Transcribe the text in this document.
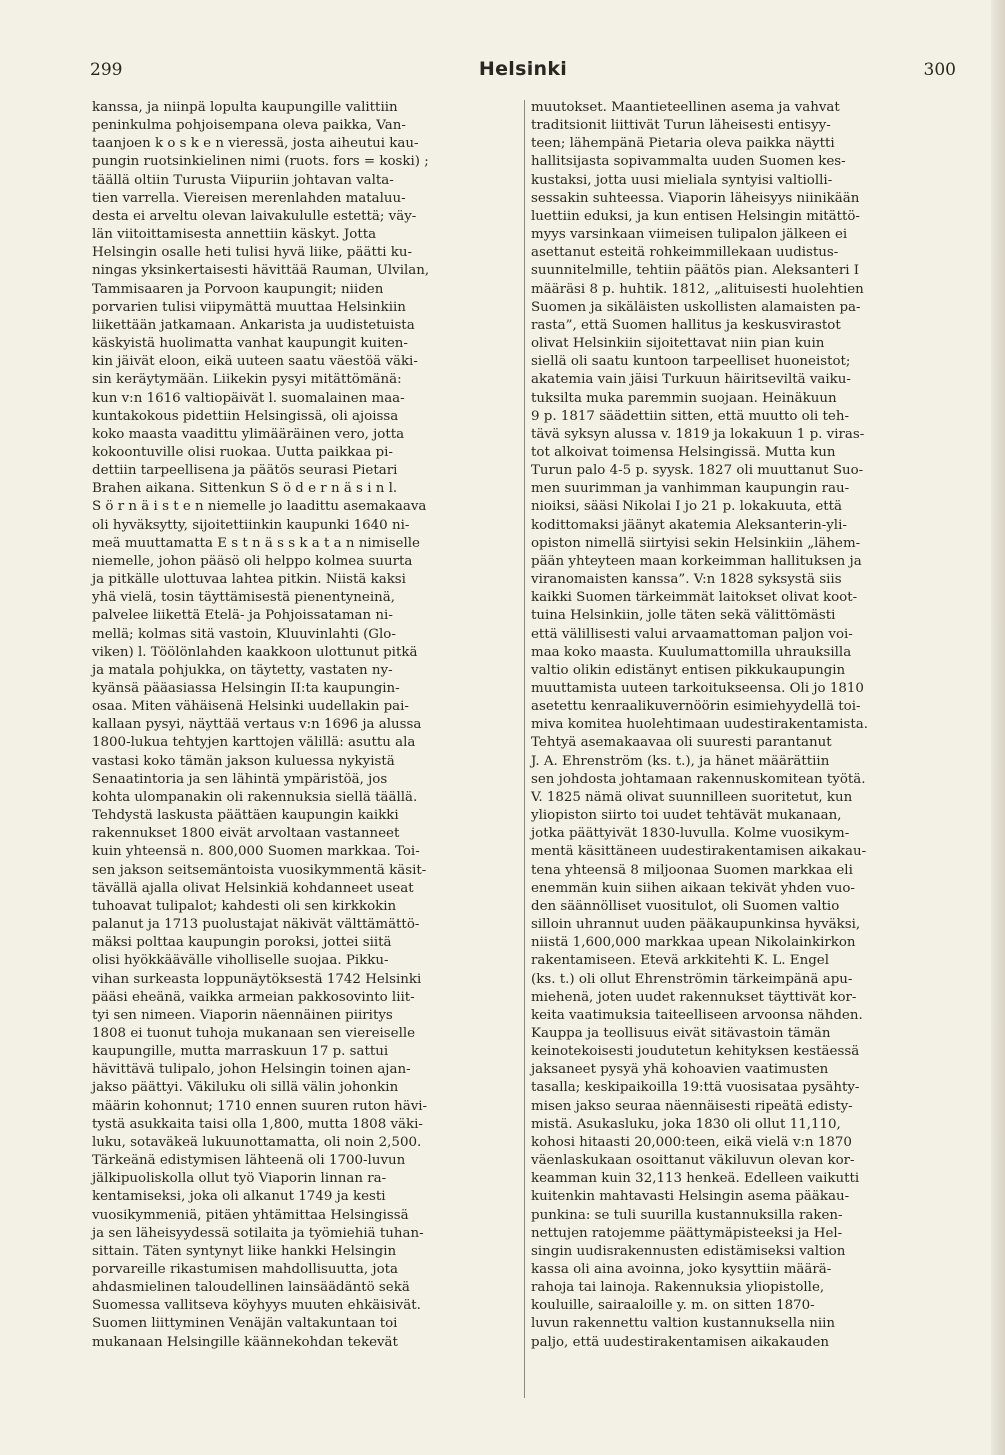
299	Helsinki	300
kanssa, ja niinpä lopulta kaupungille valittiin
peninkulma pohjoisempana oleva paikka, Van-
taanjoen k o s k e n vieressä, josta aiheutui kau-
pungin ruotsinkielinen nimi (ruots. fors = koski) ;
täällä oltiin Turusta Viipuriin johtavan valta-
tien varrella. Viereisen merenlahden mataluu-
desta ei arveltu olevan laivakululle estettä; väy-
län viitoittamisesta annettiin käskyt. Jotta
Helsingin osalle heti tulisi hyvä liike, päätti ku-
ningas yksinkertaisesti hävittää Rauman, Ulvilan,
Tammisaaren ja Porvoon kaupungit; niiden
porvarien tulisi viipymättä muuttaa Helsinkiin
liikettään jatkamaan. Ankarista ja uudistetuista
käskyistä huolimatta vanhat kaupungit kuiten-
kin jäivät eloon, eikä uuteen saatu väestöä väki-
sin keräytymään. Liikekin pysyi mitättömänä:
kun v:n 1616 valtiopäivät l. suomalainen maa-
kuntakokous pidettiin Helsingissä, oli ajoissa
koko maasta vaadittu ylimääräinen vero, jotta
kokoontuville olisi ruokaa. Uutta paikkaa pi-
dettiin tarpeellisena ja päätös seurasi Pietari
Brahen aikana. Sittenkun S ö d e r n ä s i n l.
S ö r n ä i s t e n niemelle jo laadittu asemakaava
oli hyväksytty, sijoitettiinkin kaupunki 1640 ni-
meä muuttamatta E s t n ä s s k a t a n nimiselle
niemelle, johon pääsö oli helppo kolmea suurta
ja pitkälle ulottuvaa lahtea pitkin. Niistä kaksi
yhä vielä, tosin täyttämisestä pienentyneinä,
palvelee liikettä Etelä- ja Pohjoissataman ni-
mellä; kolmas sitä vastoin, Kluuvinlahti (Glo-
viken) l. Töölönlahden kaakkoon ulottunut pitkä
ja matala pohjukka, on täytetty, vastaten ny-
kyänsä pääasiassa Helsingin II:ta kaupungin-
osaa. Miten vähäisenä Helsinki uudellakin pai-
kallaan pysyi, näyttää vertaus v:n 1696 ja alussa
1800-lukua tehtyjen karttojen välillä: asuttu ala
vastasi koko tämän jakson kuluessa nykyistä
Senaatintoria ja sen lähintä ympäristöä, jos
kohta ulompanakin oli rakennuksia siellä täällä.
Tehdystä laskusta päättäen kaupungin kaikki
rakennukset 1800 eivät arvoltaan vastanneet
kuin yhteensä n. 800,000 Suomen markkaa. Toi-
sen jakson seitsemäntoista vuosikymmentä käsit-
tävällä ajalla olivat Helsinkiä kohdanneet useat
tuhoavat tulipalot; kahdesti oli sen kirkkokin
palanut ja 1713 puolustajat näkivät välttämättö-
mäksi polttaa kaupungin poroksi, jottei siitä
olisi hyökkäävälle viholliselle suojaa. Pikku-
vihan surkeasta loppunäytöksestä 1742 Helsinki
pääsi eheänä, vaikka armeian pakkosovinto liit-
tyi sen nimeen. Viaporin näennäinen piiritys
1808 ei tuonut tuhoja mukanaan sen viereiselle
kaupungille, mutta marraskuun 17 p. sattui
hävittävä tulipalo, johon Helsingin toinen ajan-
jakso päättyi. Väkiluku oli sillä välin johonkin
määrin kohonnut; 1710 ennen suuren ruton hävi-
tystä asukkaita taisi olla 1,800, mutta 1808 väki-
luku, sotaväkeä lukuunottamatta, oli noin 2,500.
Tärkeänä edistymisen lähteenä oli 1700-luvun
jälkipuoliskolla ollut työ Viaporin linnan ra-
kentamiseksi, joka oli alkanut 1749 ja kesti
vuosikymmeniä, pitäen yhtämittaa Helsingissä
ja sen läheisyydessä sotilaita ja työmiehiä tuhan-
sittain. Täten syntynyt liike hankki Helsingin
porvareille rikastumisen mahdollisuutta, jota
ahdasmielinen taloudellinen lainsäädäntö sekä
Suomessa vallitseva köyhyys muuten ehkäisivät.
Suomen liittyminen Venäjän valtakuntaan toi
mukanaan Helsingille käännekohdan tekevät
muutokset. Maantieteellinen asema ja vahvat
traditsionit liittivät Turun läheisesti entisyy-
teen; lähempänä Pietaria oleva paikka näytti
hallitsijasta sopivammalta uuden Suomen kes-
kustaksi, jotta uusi mieliala syntyisi valtiolli-
sessakin suhteessa. Viaporin läheisyys niinikään
luettiin eduksi, ja kun entisen Helsingin mitättö-
myys varsinkaan viimeisen tulipalon jälkeen ei
asettanut esteitä rohkeimmillekaan uudistus-
suunnitelmille, tehtiin päätös pian. Aleksanteri I
määräsi 8 p. huhtik. 1812, „alituisesti huolehtien
Suomen ja sikäläisten uskollisten alamaisten pa-
rasta”, että Suomen hallitus ja keskusvirastot
olivat Helsinkiin sijoitettavat niin pian kuin
siellä oli saatu kuntoon tarpeelliset huoneistot;
akatemia vain jäisi Turkuun häiritseviltä vaiku-
tuksilta muka paremmin suojaan. Heinäkuun
9 p. 1817 säädettiin sitten, että muutto oli teh-
tävä syksyn alussa v. 1819 ja lokakuun 1 p. viras-
tot alkoivat toimensa Helsingissä. Mutta kun
Turun palo 4-5 p. syysk. 1827 oli muuttanut Suo-
men suurimman ja vanhimman kaupungin rau-
nioiksi, sääsi Nikolai I jo 21 p. lokakuuta, että
kodittomaksi jäänyt akatemia Aleksanterin-yli-
opiston nimellä siirtyisi sekin Helsinkiin „lähem-
pään yhteyteen maan korkeimman hallituksen ja
viranomaisten kanssa”. V:n 1828 syksystä siis
kaikki Suomen tärkeimmät laitokset olivat koot-
tuina Helsinkiin, jolle täten sekä välittömästi
että välillisesti valui arvaamattoman paljon voi-
maa koko maasta. Kuulumattomilla uhrauksilla
valtio olikin edistänyt entisen pikkukaupungin
muuttamista uuteen tarkoitukseensa. Oli jo 1810
asetettu kenraalikuvernöörin esimiehyydellä toi-
miva komitea huolehtimaan uudestirakentamista.
Tehtyä asemakaavaa oli suuresti parantanut
J. A. Ehrenström (ks. t.), ja hänet määrättiin
sen johdosta johtamaan rakennuskomitean työtä.
V. 1825 nämä olivat suunnilleen suoritetut, kun
yliopiston siirto toi uudet tehtävät mukanaan,
jotka päättyivät 1830-luvulla. Kolme vuosikym-
mentä käsittäneen uudestirakentamisen aikakau-
tena yhteensä 8 miljoonaa Suomen markkaa eli
enemmän kuin siihen aikaan tekivät yhden vuo-
den säännölliset vuositulot, oli Suomen valtio
silloin uhrannut uuden pääkaupunkinsa hyväksi,
niistä 1,600,000 markkaa upean Nikolainkirkon
rakentamiseen. Etevä arkkitehti K. L. Engel
(ks. t.) oli ollut Ehrenströmin tärkeimpänä apu-
miehenä, joten uudet rakennukset täyttivät kor-
keita vaatimuksia taiteelliseen arvoonsa nähden.
Kauppa ja teollisuus eivät sitävastoin tämän
keinotekoisesti joudutetun kehityksen kestäessä
jaksaneet pysyä yhä kohoavien vaatimusten
tasalla; keskipaikoilla 19:ttä vuosisataa pysähty-
misen jakso seuraa näennäisesti ripeätä edisty-
mistä. Asukasluku, joka 1830 oli ollut 11,110,
kohosi hitaasti 20,000:teen, eikä vielä v:n 1870
väenlaskukaan osoittanut väkiluvun olevan kor-
keamman kuin 32,113 henkeä. Edelleen vaikutti
kuitenkin mahtavasti Helsingin asema pääkau-
punkina: se tuli suurilla kustannuksilla raken-
nettujen ratojemme päättymäpisteeksi ja Hel-
singin uudisrakennusten edistämiseksi valtion
kassa oli aina avoinna, joko kysyttiin määrä-
rahoja tai lainoja. Rakennuksia yliopistolle,
kouluille, sairaaloille y. m. on sitten 1870-
luvun rakennettu valtion kustannuksella niin
paljo, että uudestirakentamisen aikakauden
